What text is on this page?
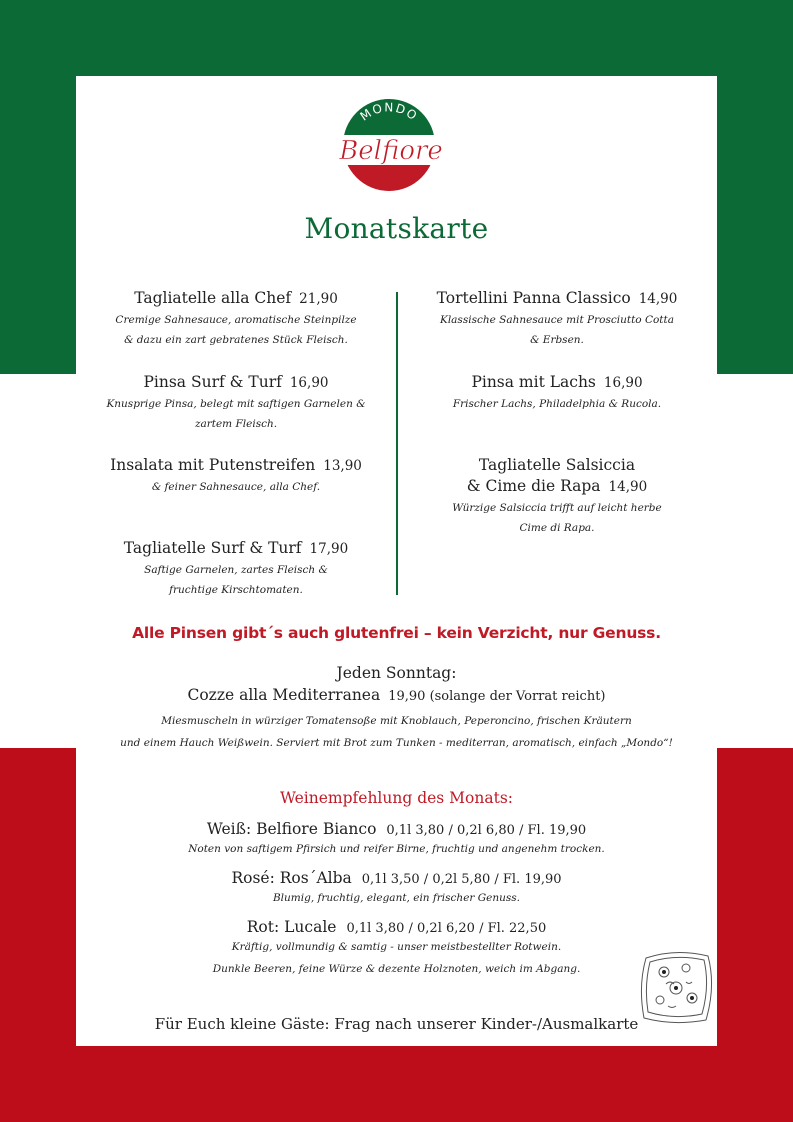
MONDO
Belfiore
Monatskarte
Tagliatelle alla Chef 21,90
Cremige Sahnesauce, aromatische Steinpilze
& dazu ein zart gebratenes Stück Fleisch.
Pinsa Surf & Turf 16,90
Knusprige Pinsa, belegt mit saftigen Garnelen &
zartem Fleisch.
Insalata mit Putenstreifen 13,90
& feiner Sahnesauce, alla Chef.
Tagliatelle Surf & Turf 17,90
Saftige Garnelen, zartes Fleisch &
fruchtige Kirschtomaten.
Tortellini Panna Classico 14,90
Klassische Sahnesauce mit Prosciutto Cotta
& Erbsen.
Pinsa mit Lachs 16,90
Frischer Lachs, Philadelphia & Rucola.
Tagliatelle Salsiccia
& Cime die Rapa 14,90
Würzige Salsiccia trifft auf leicht herbe
Cime di Rapa.
Alle Pinsen gibt´s auch glutenfrei – kein Verzicht, nur Genuss.
Jeden Sonntag:
Cozze alla Mediterranea 19,90 (solange der Vorrat reicht)
Miesmuscheln in würziger Tomatensoße mit Knoblauch, Peperoncino, frischen Kräutern
und einem Hauch Weißwein. Serviert mit Brot zum Tunken - mediterran, aromatisch, einfach „Mondo“!
Weinempfehlung des Monats:
Weiß: Belfiore Bianco 0,1l 3,80 / 0,2l 6,80 / Fl. 19,90
Noten von saftigem Pfirsich und reifer Birne, fruchtig und angenehm trocken.
Rosé: Ros´Alba 0,1l 3,50 / 0,2l 5,80 / Fl. 19,90
Blumig, fruchtig, elegant, ein frischer Genuss.
Rot: Lucale 0,1l 3,80 / 0,2l 6,20 / Fl. 22,50
Kräftig, vollmundig & samtig - unser meistbestellter Rotwein.
Dunkle Beeren, feine Würze & dezente Holznoten, weich im Abgang.
Für Euch kleine Gäste: Frag nach unserer Kinder-/Ausmalkarte
